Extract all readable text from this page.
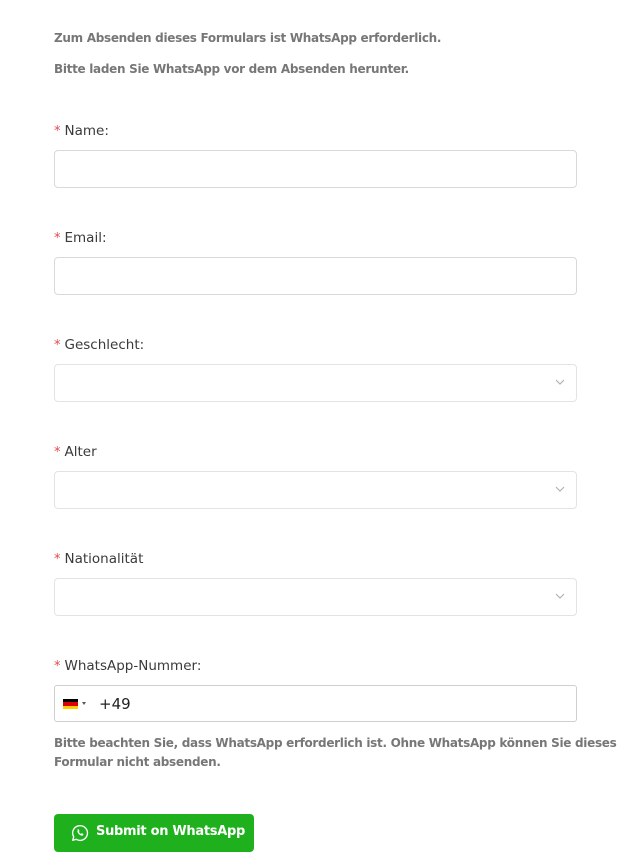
Zum Absenden dieses Formulars ist WhatsApp erforderlich.
Bitte laden Sie WhatsApp vor dem Absenden herunter.
* Name:
* Email:
* Geschlecht:
* Alter
* Nationalität
* WhatsApp-Nummer:
+49
Bitte beachten Sie, dass WhatsApp erforderlich ist. Ohne WhatsApp können Sie dieses
Formular nicht absenden.
Submit on WhatsApp
